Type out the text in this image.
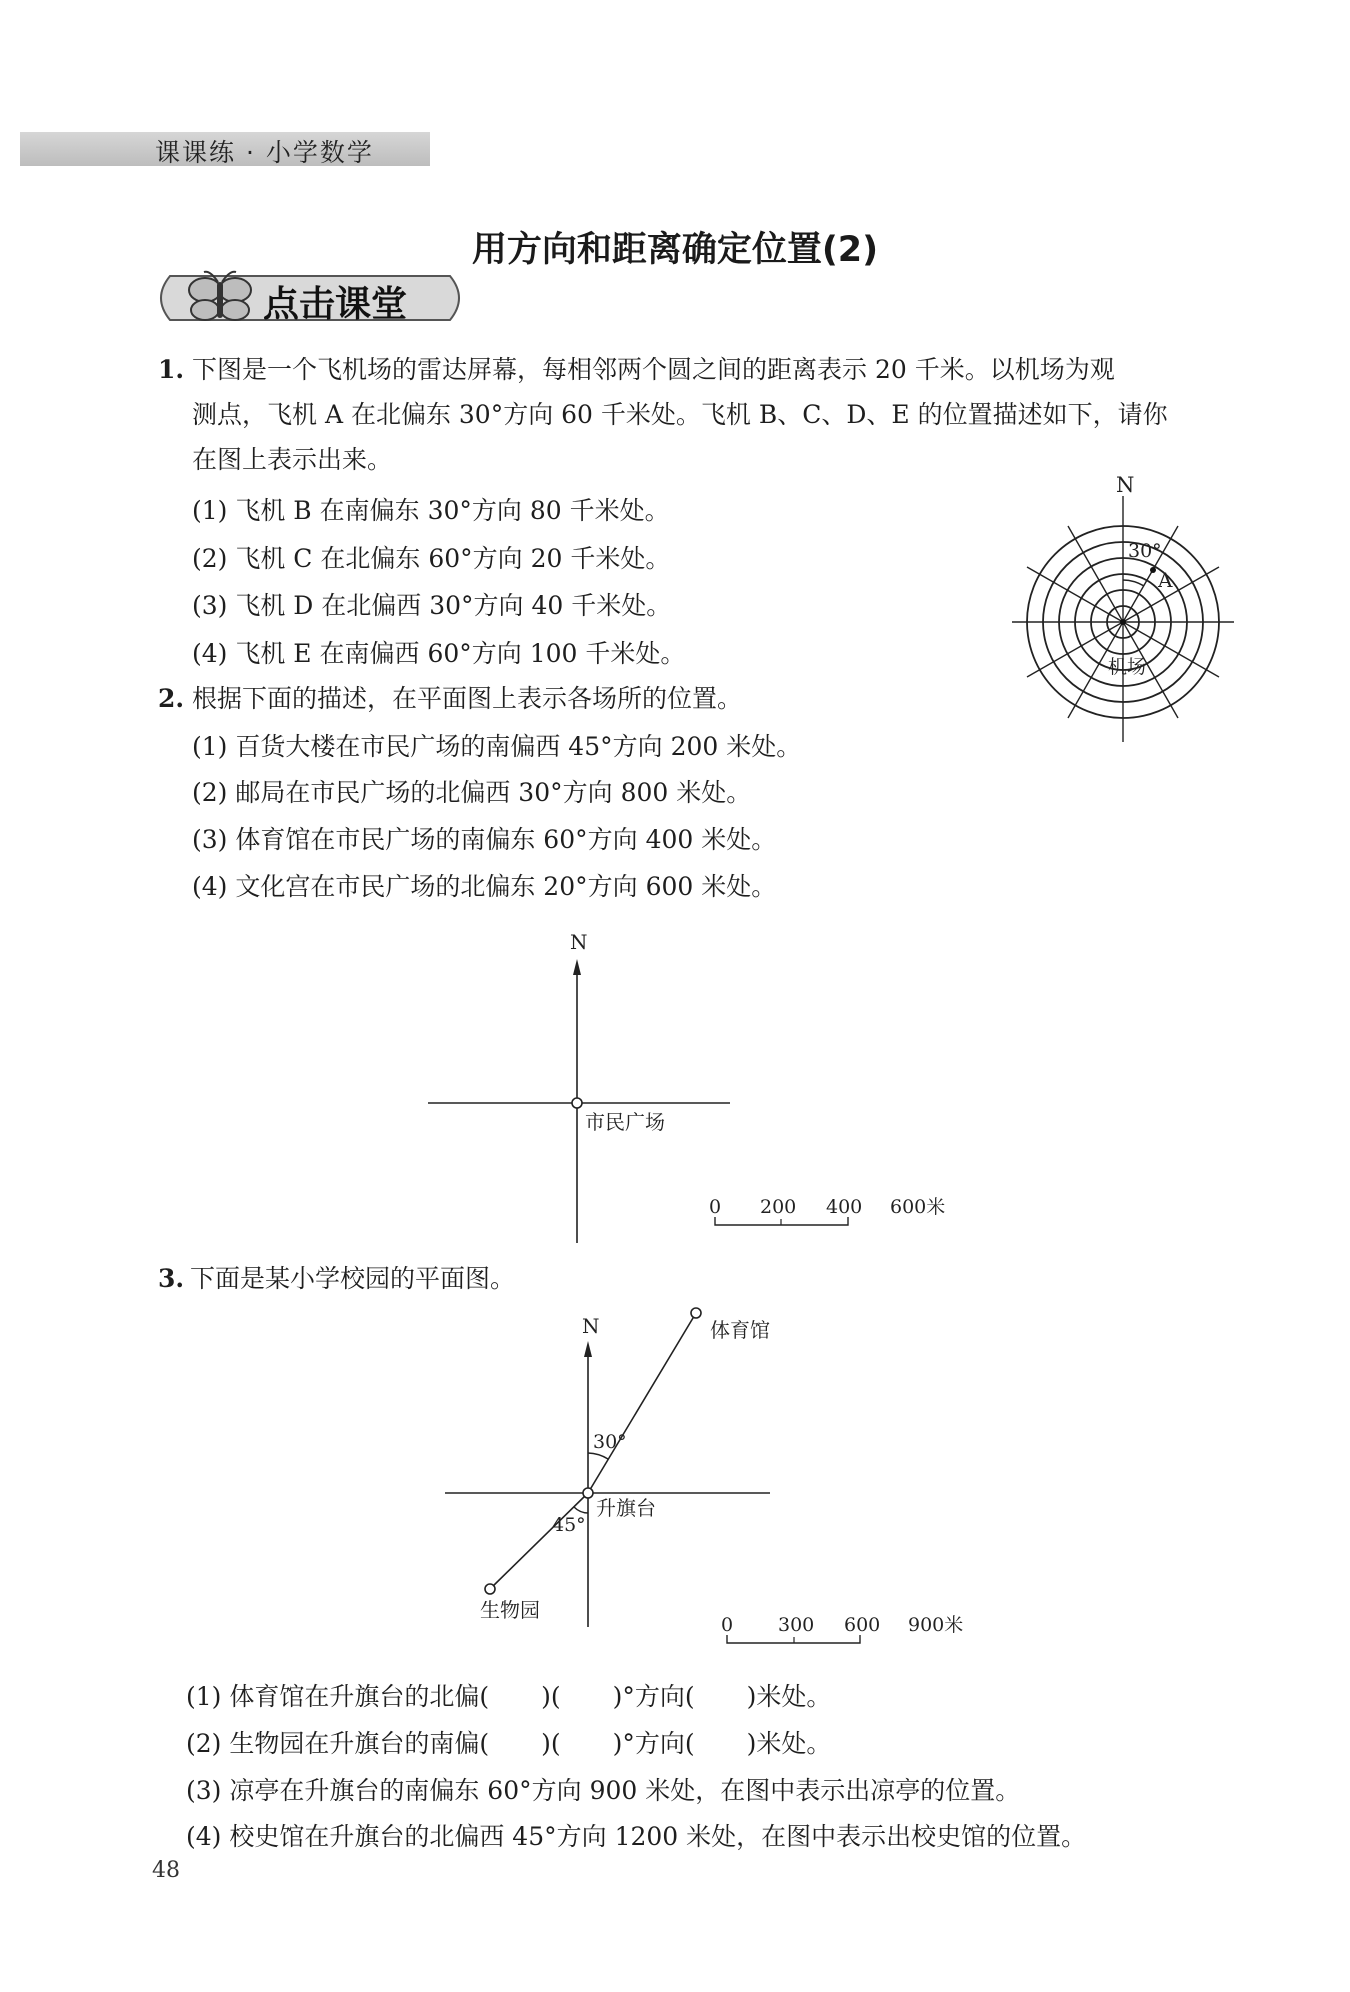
课课练 · 小学数学
用方向和距离确定位置(2)
点击课堂
1. 下图是一个飞机场的雷达屏幕，每相邻两个圆之间的距离表示 20 千米。以机场为观
测点，飞机 A 在北偏东 30°方向 60 千米处。飞机 B、C、D、E 的位置描述如下，请你
在图上表示出来。
(1) 飞机 B 在南偏东 30°方向 80 千米处。
(2) 飞机 C 在北偏东 60°方向 20 千米处。
(3) 飞机 D 在北偏西 30°方向 40 千米处。
(4) 飞机 E 在南偏西 60°方向 100 千米处。
N
30°
A
机场
2. 根据下面的描述，在平面图上表示各场所的位置。
(1) 百货大楼在市民广场的南偏西 45°方向 200 米处。
(2) 邮局在市民广场的北偏西 30°方向 800 米处。
(3) 体育馆在市民广场的南偏东 60°方向 400 米处。
(4) 文化宫在市民广场的北偏东 20°方向 600 米处。
N
市民广场
0 200 400 600米
3. 下面是某小学校园的平面图。
N	体育馆
30°
45°
升旗台
生物园
0 300 600 900米
(1) 体育馆在升旗台的北偏( )( )°方向( )米处。
(2) 生物园在升旗台的南偏( )( )°方向( )米处。
(3) 凉亭在升旗台的南偏东 60°方向 900 米处，在图中表示出凉亭的位置。
(4) 校史馆在升旗台的北偏西 45°方向 1200 米处，在图中表示出校史馆的位置。
48
